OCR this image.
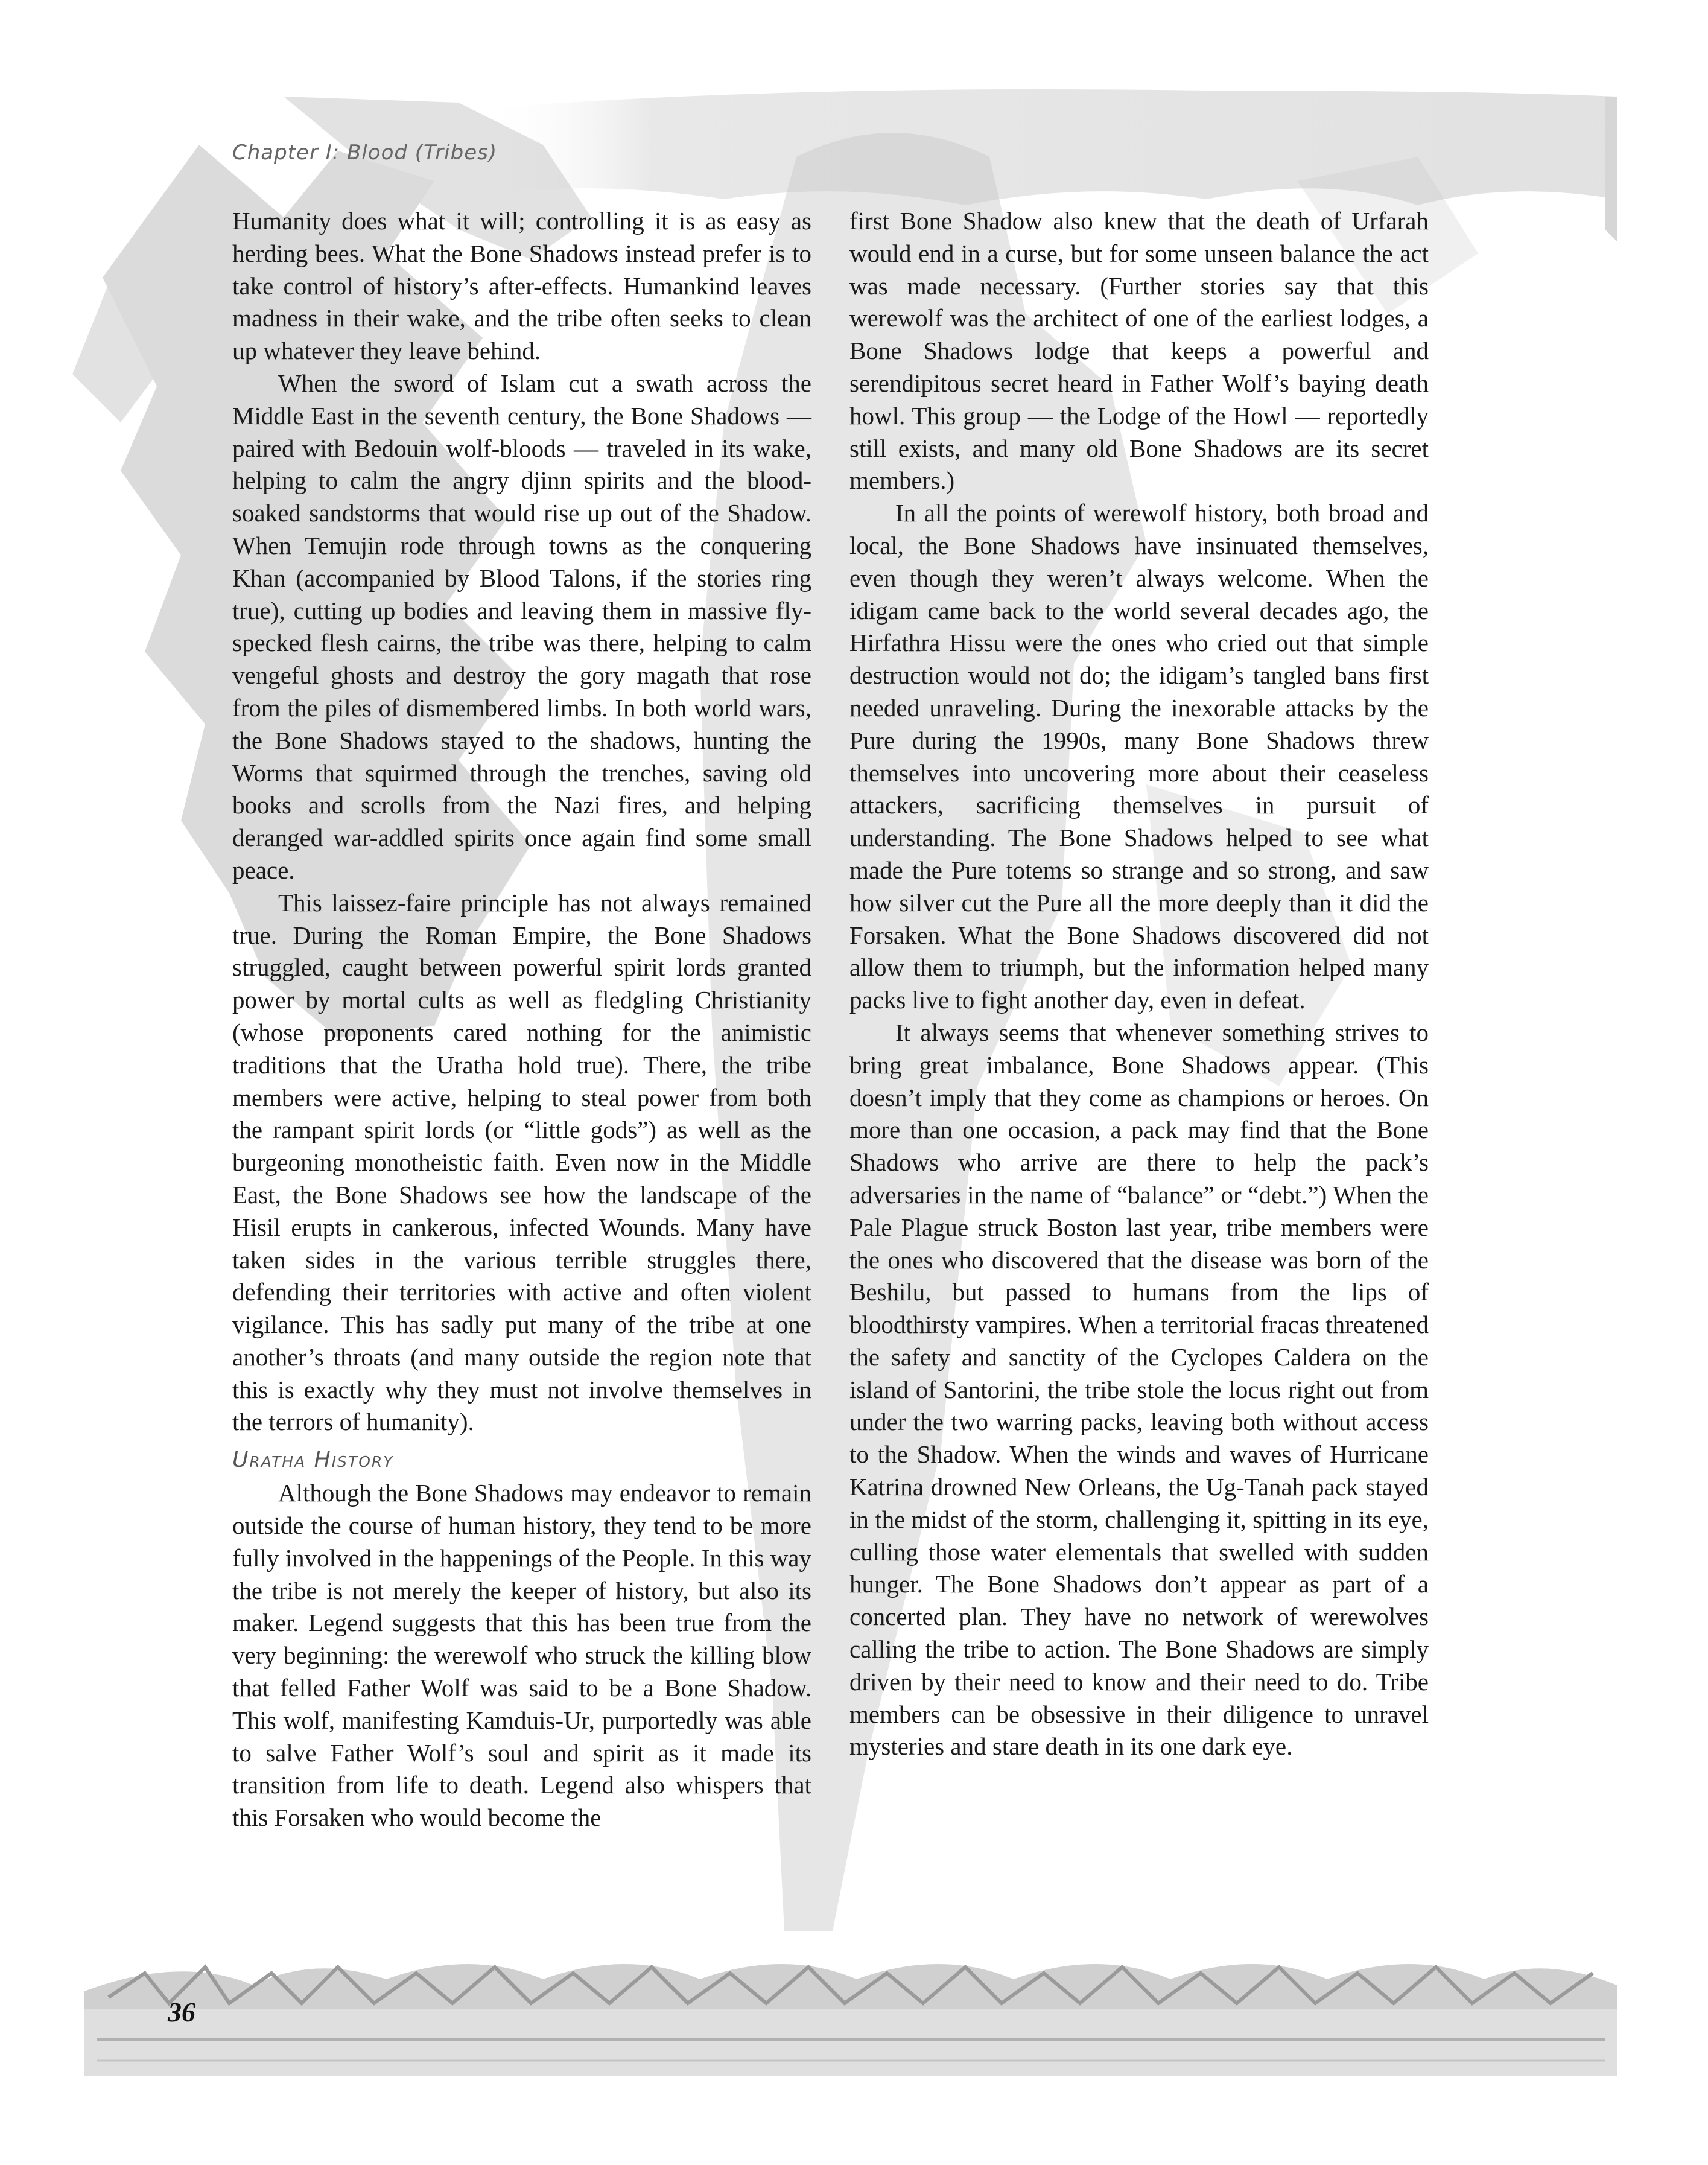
Chapter I: Blood (Tribes)

Humanity does what it will; controlling it is as easy as herding bees. What the Bone Shadows instead prefer is to take control of history’s after-effects. Humankind leaves madness in their wake, and the tribe often seeks to clean up whatever they leave behind.

When the sword of Islam cut a swath across the Middle East in the seventh century, the Bone Shadows — paired with Bedouin wolf-bloods — traveled in its wake, helping to calm the angry djinn spirits and the blood-soaked sandstorms that would rise up out of the Shadow. When Temujin rode through towns as the conquering Khan (accompanied by Blood Talons, if the stories ring true), cutting up bodies and leaving them in massive fly-specked flesh cairns, the tribe was there, helping to calm vengeful ghosts and destroy the gory magath that rose from the piles of dismembered limbs. In both world wars, the Bone Shadows stayed to the shadows, hunting the Worms that squirmed through the trenches, saving old books and scrolls from the Nazi fires, and helping deranged war-addled spirits once again find some small peace.

This laissez-faire principle has not always remained true. During the Roman Empire, the Bone Shadows struggled, caught between powerful spirit lords granted power by mortal cults as well as fledgling Christianity (whose proponents cared nothing for the animistic traditions that the Uratha hold true). There, the tribe members were active, helping to steal power from both the rampant spirit lords (or “little gods”) as well as the burgeoning monotheistic faith. Even now in the Middle East, the Bone Shadows see how the landscape of the Hisil erupts in cankerous, infected Wounds. Many have taken sides in the various terrible struggles there, defending their territories with active and often violent vigilance. This has sadly put many of the tribe at one another’s throats (and many outside the region note that this is exactly why they must not involve themselves in the terrors of humanity).

Uratha History

Although the Bone Shadows may endeavor to remain outside the course of human history, they tend to be more fully involved in the happenings of the People. In this way the tribe is not merely the keeper of history, but also its maker. Legend suggests that this has been true from the very beginning: the werewolf who struck the killing blow that felled Father Wolf was said to be a Bone Shadow. This wolf, manifesting Kamduis-Ur, purportedly was able to salve Father Wolf’s soul and spirit as it made its transition from life to death. Legend also whispers that this Forsaken who would become the

first Bone Shadow also knew that the death of Urfarah would end in a curse, but for some unseen balance the act was made necessary. (Further stories say that this werewolf was the architect of one of the earliest lodges, a Bone Shadows lodge that keeps a powerful and serendipitous secret heard in Father Wolf’s baying death howl. This group — the Lodge of the Howl — reportedly still exists, and many old Bone Shadows are its secret members.)

In all the points of werewolf history, both broad and local, the Bone Shadows have insinuated themselves, even though they weren’t always welcome. When the idigam came back to the world several decades ago, the Hirfathra Hissu were the ones who cried out that simple destruction would not do; the idigam’s tangled bans first needed unraveling. During the inexorable attacks by the Pure during the 1990s, many Bone Shadows threw themselves into uncovering more about their ceaseless attackers, sacrificing themselves in pursuit of understanding. The Bone Shadows helped to see what made the Pure totems so strange and so strong, and saw how silver cut the Pure all the more deeply than it did the Forsaken. What the Bone Shadows discovered did not allow them to triumph, but the information helped many packs live to fight another day, even in defeat.

It always seems that whenever something strives to bring great imbalance, Bone Shadows appear. (This doesn’t imply that they come as champions or heroes. On more than one occasion, a pack may find that the Bone Shadows who arrive are there to help the pack’s adversaries in the name of “balance” or “debt.”) When the Pale Plague struck Boston last year, tribe members were the ones who discovered that the disease was born of the Beshilu, but passed to humans from the lips of bloodthirsty vampires. When a territorial fracas threatened the safety and sanctity of the Cyclopes Caldera on the island of Santorini, the tribe stole the locus right out from under the two warring packs, leaving both without access to the Shadow. When the winds and waves of Hurricane Katrina drowned New Orleans, the Ug-Tanah pack stayed in the midst of the storm, challenging it, spitting in its eye, culling those water elementals that swelled with sudden hunger. The Bone Shadows don’t appear as part of a concerted plan. They have no network of werewolves calling the tribe to action. The Bone Shadows are simply driven by their need to know and their need to do. Tribe members can be obsessive in their diligence to unravel mysteries and stare death in its one dark eye.

36
